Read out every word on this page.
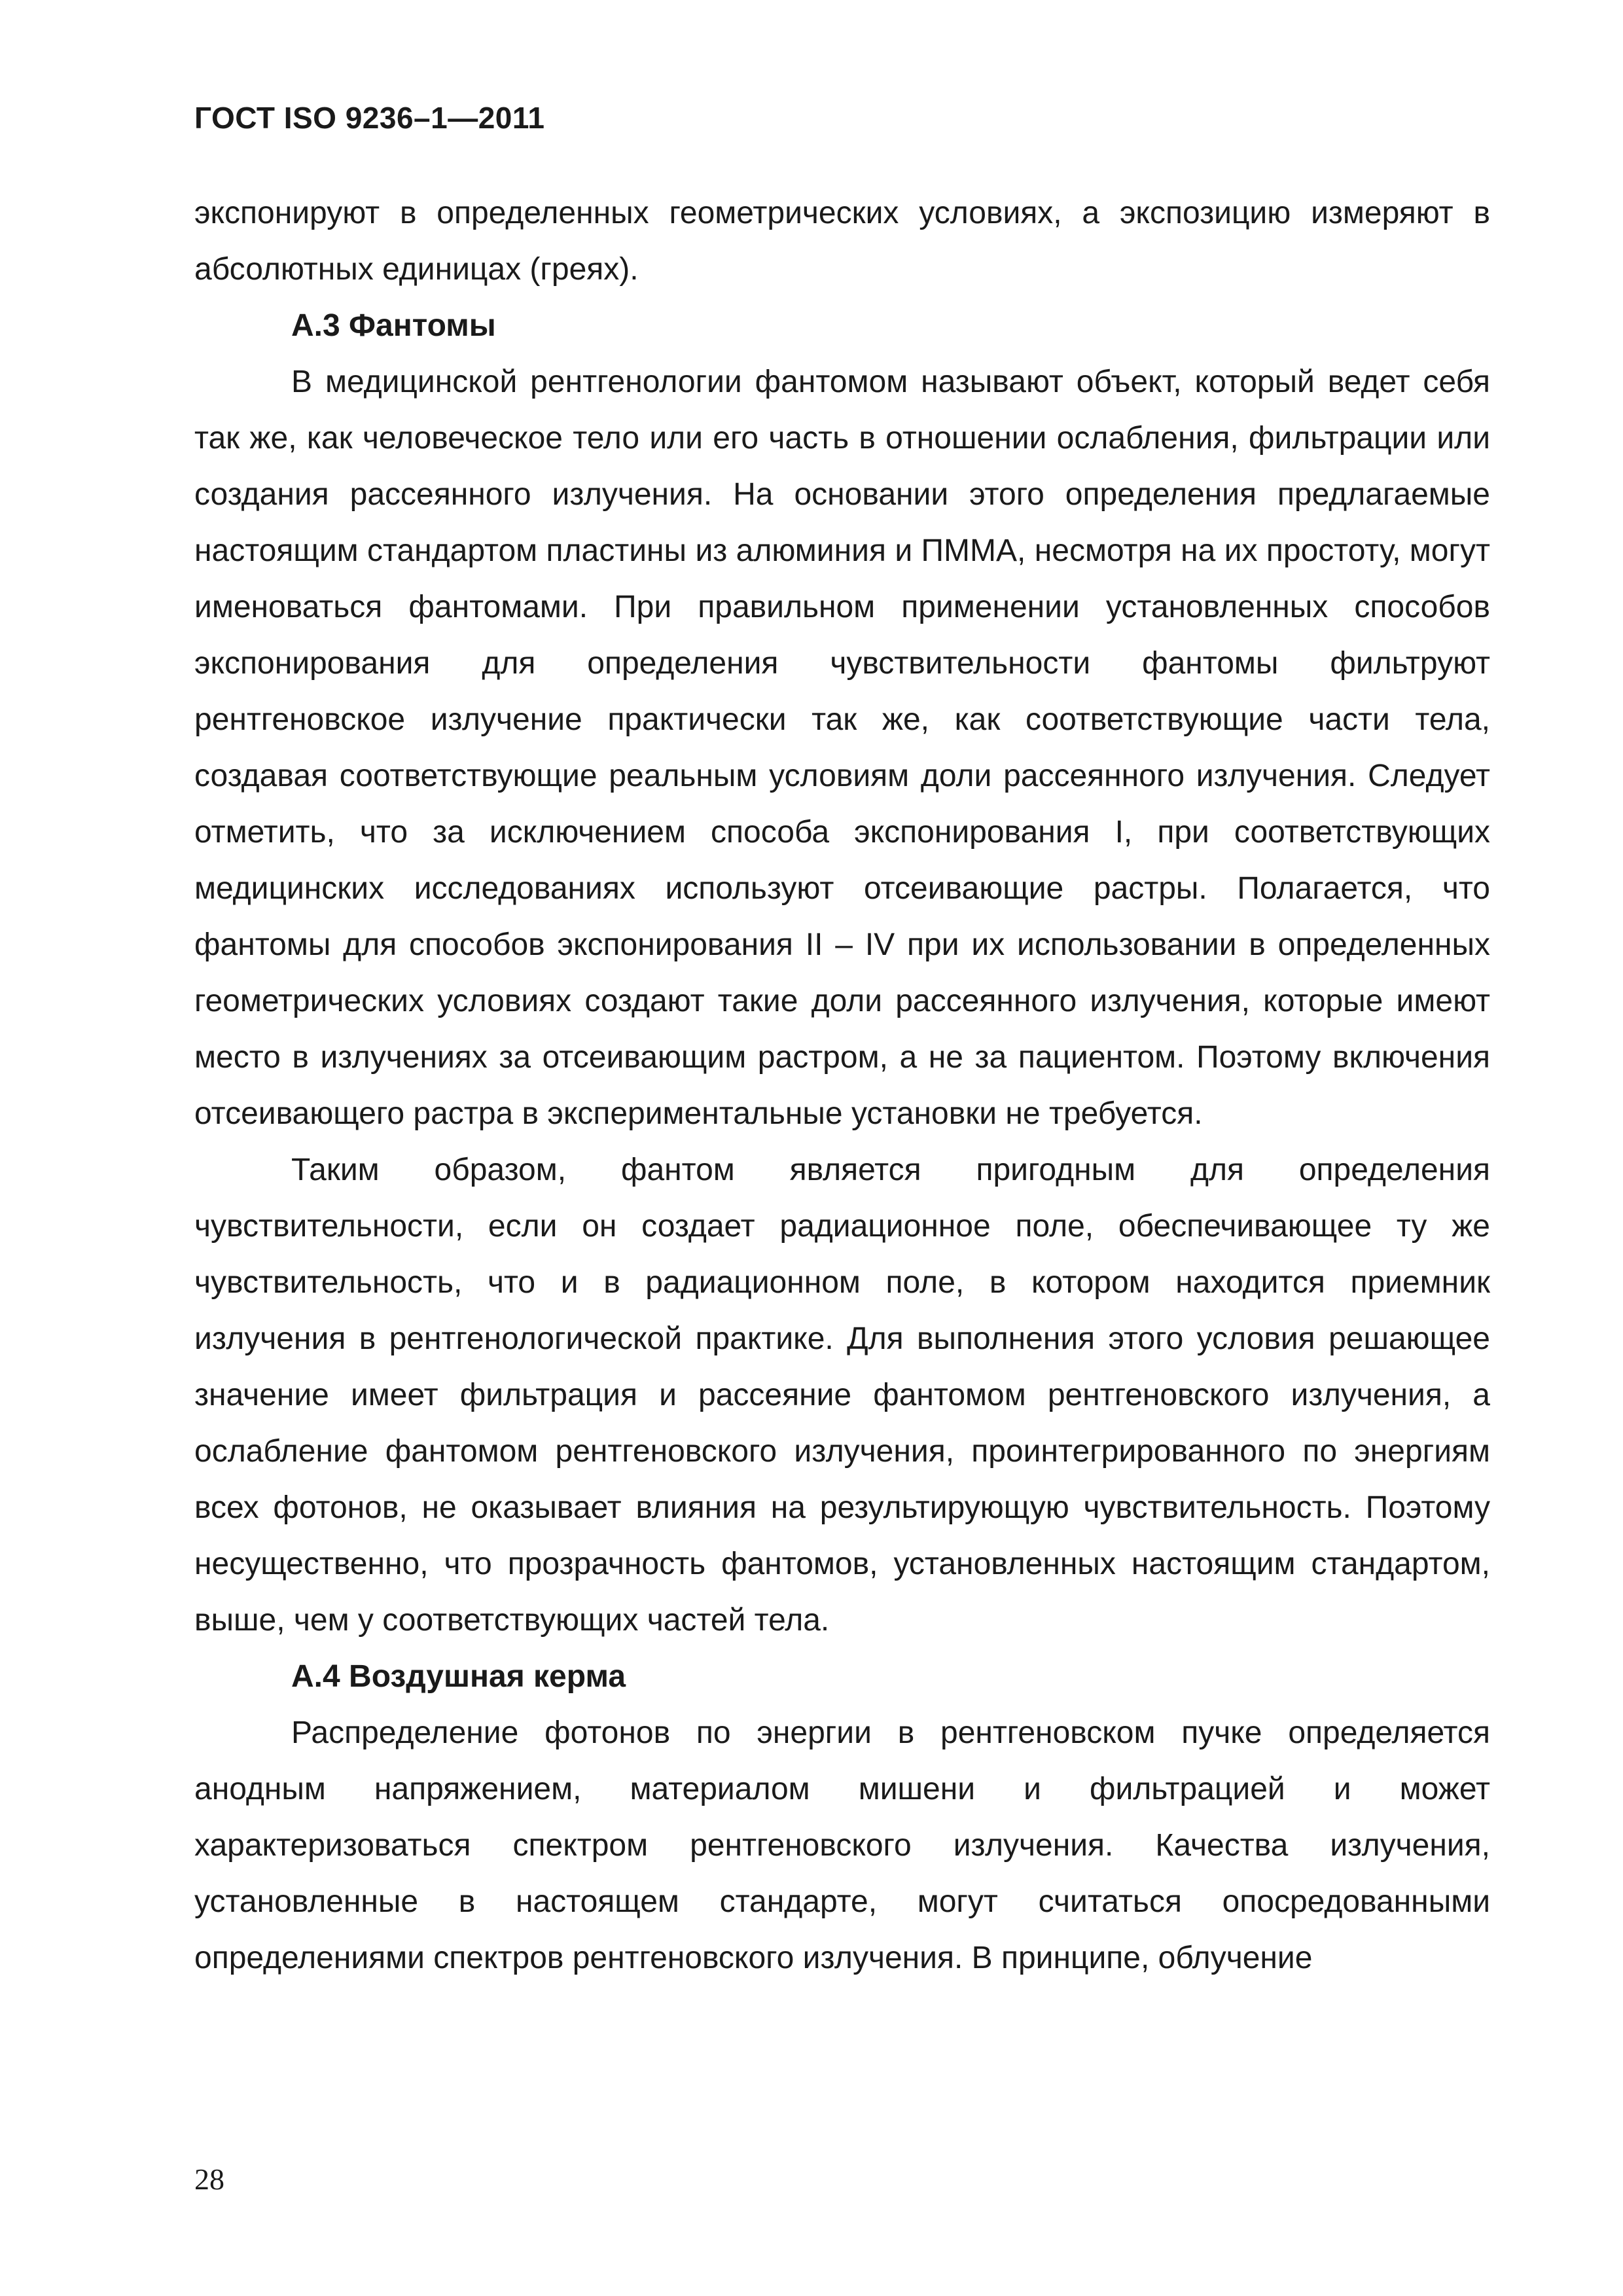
ГОСТ ISO 9236–1—2011

экспонируют в определенных геометрических условиях, а экспозицию измеряют в абсолютных единицах (греях).

А.3 Фантомы

В медицинской рентгенологии фантомом называют объект, который ведет себя так же, как человеческое тело или его часть в отношении ослабления, фильтрации или создания рассеянного излучения. На основании этого определения предлагаемые настоящим стандартом пластины из алюминия и ПММА, несмотря на их простоту, могут именоваться фантомами. При правильном применении установленных способов экспонирования для определения чувствительности фантомы фильтруют рентгеновское излучение практически так же, как соответствующие части тела, создавая соответствующие реальным условиям доли рассеянного излучения. Следует отметить, что за исключением способа экспонирования I, при соответствующих медицинских исследованиях используют отсеивающие растры. Полагается, что фантомы для способов экспонирования II – IV при их использовании в определенных геометрических условиях создают такие доли рассеянного излучения, которые имеют место в излучениях за отсеивающим растром, а не за пациентом. Поэтому включения отсеивающего растра в экспериментальные установки не требуется.

Таким образом, фантом является пригодным для определения чувствительности, если он создает радиационное поле, обеспечивающее ту же чувствительность, что и в радиационном поле, в котором находится приемник излучения в рентгенологической практике. Для выполнения этого условия решающее значение имеет фильтрация и рассеяние фантомом рентгеновского излучения, а ослабление фантомом рентгеновского излучения, проинтегрированного по энергиям всех фотонов, не оказывает влияния на результирующую чувствительность. Поэтому несущественно, что прозрачность фантомов, установленных настоящим стандартом, выше, чем у соответствующих частей тела.

А.4 Воздушная керма

Распределение фотонов по энергии в рентгеновском пучке определяется анодным напряжением, материалом мишени и фильтрацией и может характеризоваться спектром рентгеновского излучения. Качества излучения, установленные в настоящем стандарте, могут считаться опосредованными определениями спектров рентгеновского излучения. В принципе, облучение

28
